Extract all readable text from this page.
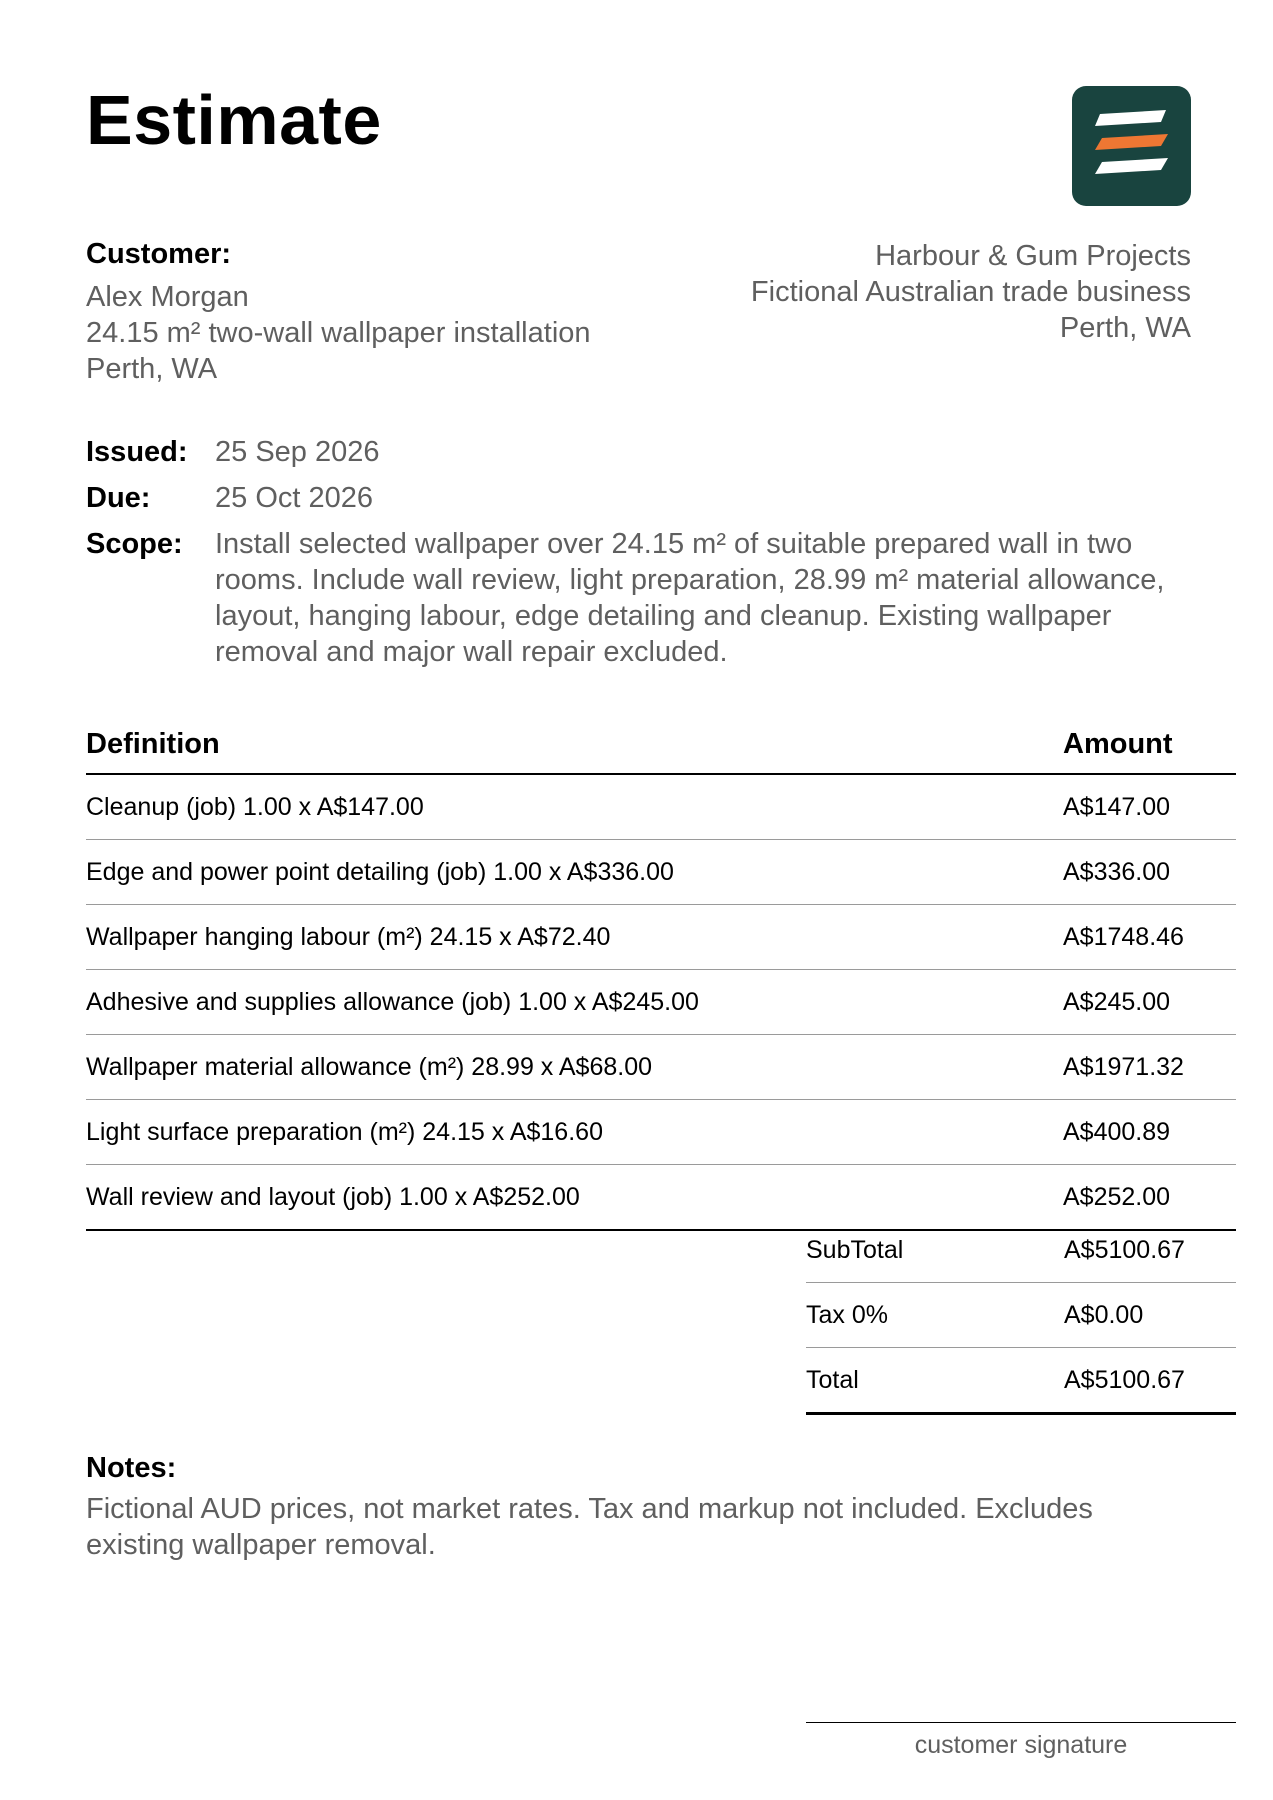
Estimate
Customer:
Alex Morgan
24.15 m² two-wall wallpaper installation
Perth, WA
Harbour & Gum Projects
Fictional Australian trade business
Perth, WA
Issued: 25 Sep 2026
Due:	25 Oct 2026
Scope:	Install selected wallpaper over 24.15 m² of suitable prepared wall in two rooms. Include wall review, light preparation, 28.99 m² material allowance, layout, hanging labour, edge detailing and cleanup. Existing wallpaper removal and major wall repair excluded.
Definition	Amount
Cleanup (job) 1.00 x A$147.00	A$147.00
Edge and power point detailing (job) 1.00 x A$336.00	A$336.00
Wallpaper hanging labour (m²) 24.15 x A$72.40	A$1748.46
Adhesive and supplies allowance (job) 1.00 x A$245.00	A$245.00
Wallpaper material allowance (m²) 28.99 x A$68.00	A$1971.32
Light surface preparation (m²) 24.15 x A$16.60	A$400.89
Wall review and layout (job) 1.00 x A$252.00	A$252.00
SubTotal	A$5100.67
Tax 0%	A$0.00
Total	A$5100.67
Notes:
Fictional AUD prices, not market rates. Tax and markup not included. Excludes existing wallpaper removal.
customer signature
